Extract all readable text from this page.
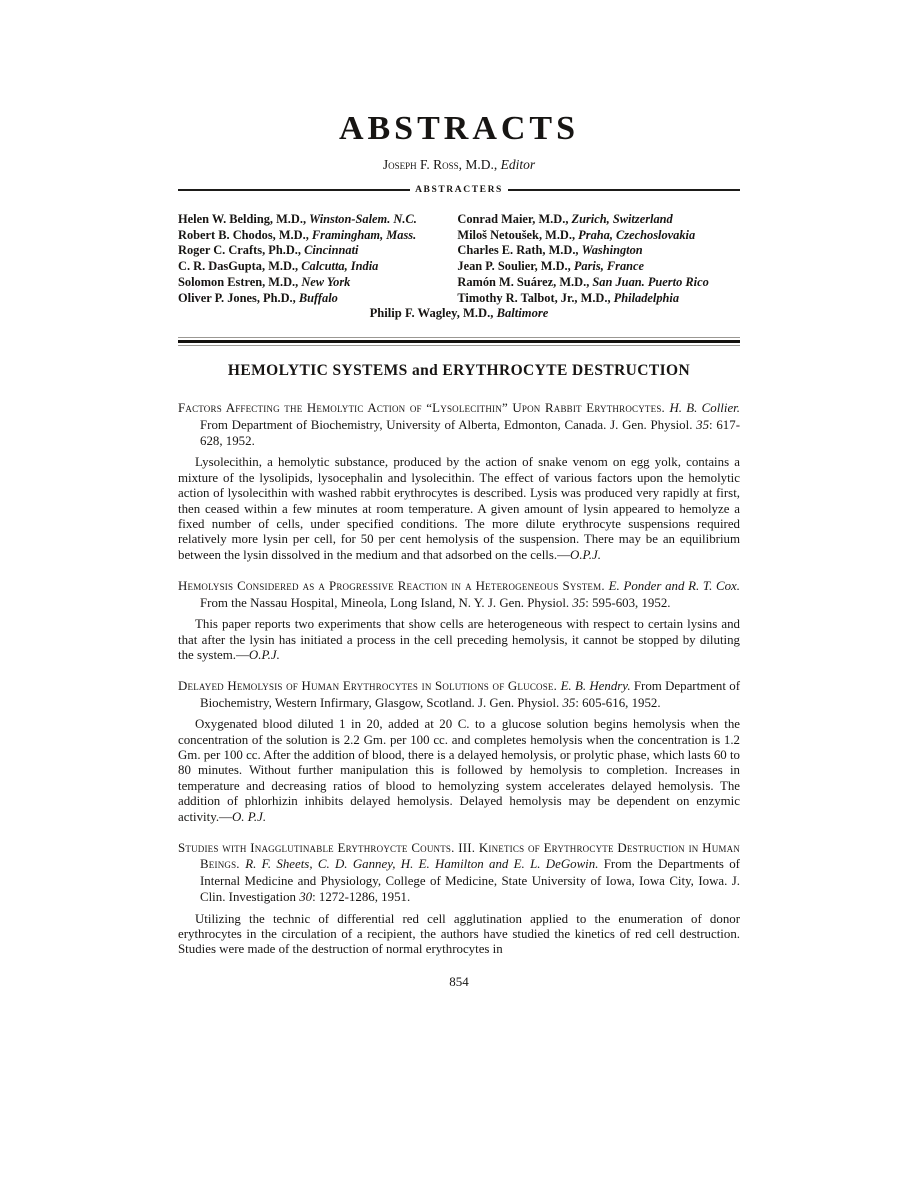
ABSTRACTS
Joseph F. Ross, M.D., Editor
ABSTRACTERS
Helen W. Belding, M.D., Winston-Salem. N.C.
Robert B. Chodos, M.D., Framingham, Mass.
Roger C. Crafts, Ph.D., Cincinnati
C. R. DasGupta, M.D., Calcutta, India
Solomon Estren, M.D., New York
Oliver P. Jones, Ph.D., Buffalo
Conrad Maier, M.D., Zurich, Switzerland
Miloš Netoušek, M.D., Praha, Czechoslovakia
Charles E. Rath, M.D., Washington
Jean P. Soulier, M.D., Paris, France
Ramón M. Suárez, M.D., San Juan. Puerto Rico
Timothy R. Talbot, Jr., M.D., Philadelphia
Philip F. Wagley, M.D., Baltimore
HEMOLYTIC SYSTEMS and ERYTHROCYTE DESTRUCTION
Factors Affecting the Hemolytic Action of “Lysolecithin” Upon Rabbit Erythrocytes. H. B. Collier. From Department of Biochemistry, University of Alberta, Edmonton, Canada. J. Gen. Physiol. 35: 617-628, 1952.

Lysolecithin, a hemolytic substance, produced by the action of snake venom on egg yolk, contains a mixture of the lysolipids, lysocephalin and lysolecithin. The effect of various factors upon the hemolytic action of lysolecithin with washed rabbit erythrocytes is described. Lysis was produced very rapidly at first, then ceased within a few minutes at room temperature. A given amount of lysin appeared to hemolyze a fixed number of cells, under specified conditions. The more dilute erythrocyte suspensions required relatively more lysin per cell, for 50 per cent hemolysis of the suspension. There may be an equilibrium between the lysin dissolved in the medium and that adsorbed on the cells.—O.P.J.

Hemolysis Considered as a Progressive Reaction in a Heterogeneous System. E. Ponder and R. T. Cox. From the Nassau Hospital, Mineola, Long Island, N. Y. J. Gen. Physiol. 35: 595-603, 1952.

This paper reports two experiments that show cells are heterogeneous with respect to certain lysins and that after the lysin has initiated a process in the cell preceding hemolysis, it cannot be stopped by diluting the system.—O.P.J.

Delayed Hemolysis of Human Erythrocytes in Solutions of Glucose. E. B. Hendry. From Department of Biochemistry, Western Infirmary, Glasgow, Scotland. J. Gen. Physiol. 35: 605-616, 1952.

Oxygenated blood diluted 1 in 20, added at 20 C. to a glucose solution begins hemolysis when the concentration of the solution is 2.2 Gm. per 100 cc. and completes hemolysis when the concentration is 1.2 Gm. per 100 cc. After the addition of blood, there is a delayed hemolysis, or prolytic phase, which lasts 60 to 80 minutes. Without further manipulation this is followed by hemolysis to completion. Increases in temperature and decreasing ratios of blood to hemolyzing system accelerates delayed hemolysis. The addition of phlorhizin inhibits delayed hemolysis. Delayed hemolysis may be dependent on enzymic activity.—O. P.J.

Studies with Inagglutinable Erythroycte Counts. III. Kinetics of Erythrocyte Destruction in Human Beings. R. F. Sheets, C. D. Ganney, H. E. Hamilton and E. L. DeGowin. From the Departments of Internal Medicine and Physiology, College of Medicine, State University of Iowa, Iowa City, Iowa. J. Clin. Investigation 30: 1272-1286, 1951.

Utilizing the technic of differential red cell agglutination applied to the enumeration of donor erythrocytes in the circulation of a recipient, the authors have studied the kinetics of red cell destruction. Studies were made of the destruction of normal erythrocytes in

854
